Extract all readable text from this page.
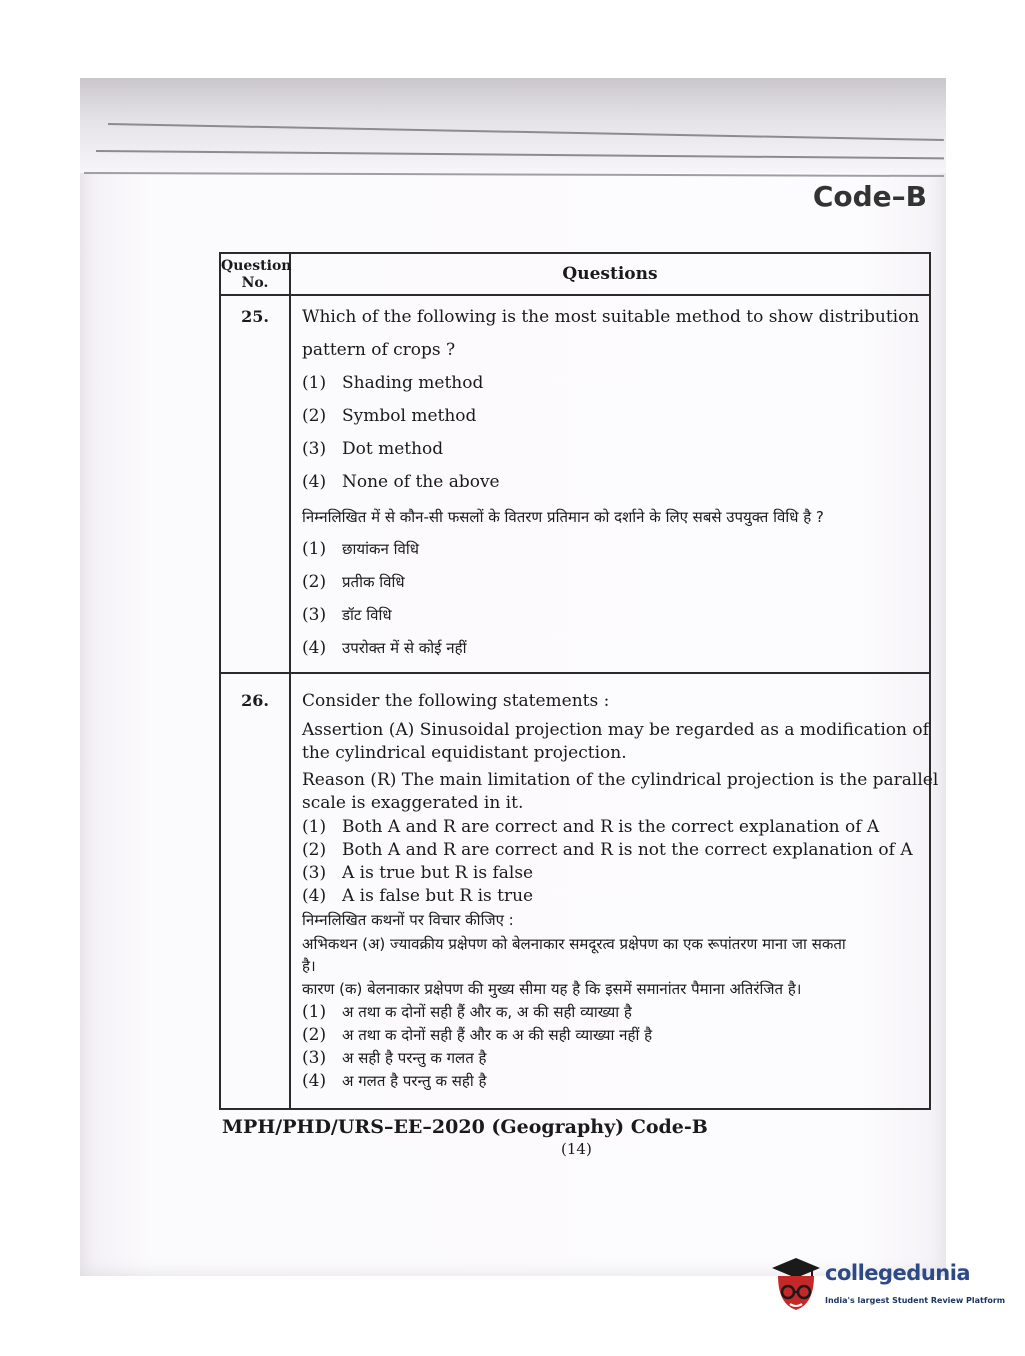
Code–B
Question No.	Questions
25.	Which of the following is the most suitable method to show distribution
pattern of crops ?
(1) Shading method
(2) Symbol method
(3) Dot method
(4) None of the above
निम्नलिखित में से कौन-सी फसलों के वितरण प्रतिमान को दर्शाने के लिए सबसे उपयुक्त विधि है ?
(1) छायांकन विधि
(2) प्रतीक विधि
(3) डॉट विधि
(4) उपरोक्त में से कोई नहीं
26.	Consider the following statements :
Assertion (A) Sinusoidal projection may be regarded as a modification of
the cylindrical equidistant projection.
Reason (R) The main limitation of the cylindrical projection is the parallel
scale is exaggerated in it.
(1) Both A and R are correct and R is the correct explanation of A
(2) Both A and R are correct and R is not the correct explanation of A
(3) A is true but R is false
(4) A is false but R is true
निम्नलिखित कथनों पर विचार कीजिए :
अभिकथन (अ) ज्यावक्रीय प्रक्षेपण को बेलनाकार समदूरत्व प्रक्षेपण का एक रूपांतरण माना जा सकता
है।
कारण (क) बेलनाकार प्रक्षेपण की मुख्य सीमा यह है कि इसमें समानांतर पैमाना अतिरंजित है।
(1) अ तथा क दोनों सही हैं और क, अ की सही व्याख्या है
(2) अ तथा क दोनों सही हैं और क अ की सही व्याख्या नहीं है
(3) अ सही है परन्तु क गलत है
(4) अ गलत है परन्तु क सही है
MPH/PHD/URS–EE–2020 (Geography) Code-B
(14)
collegedunia
India's largest Student Review Platform
